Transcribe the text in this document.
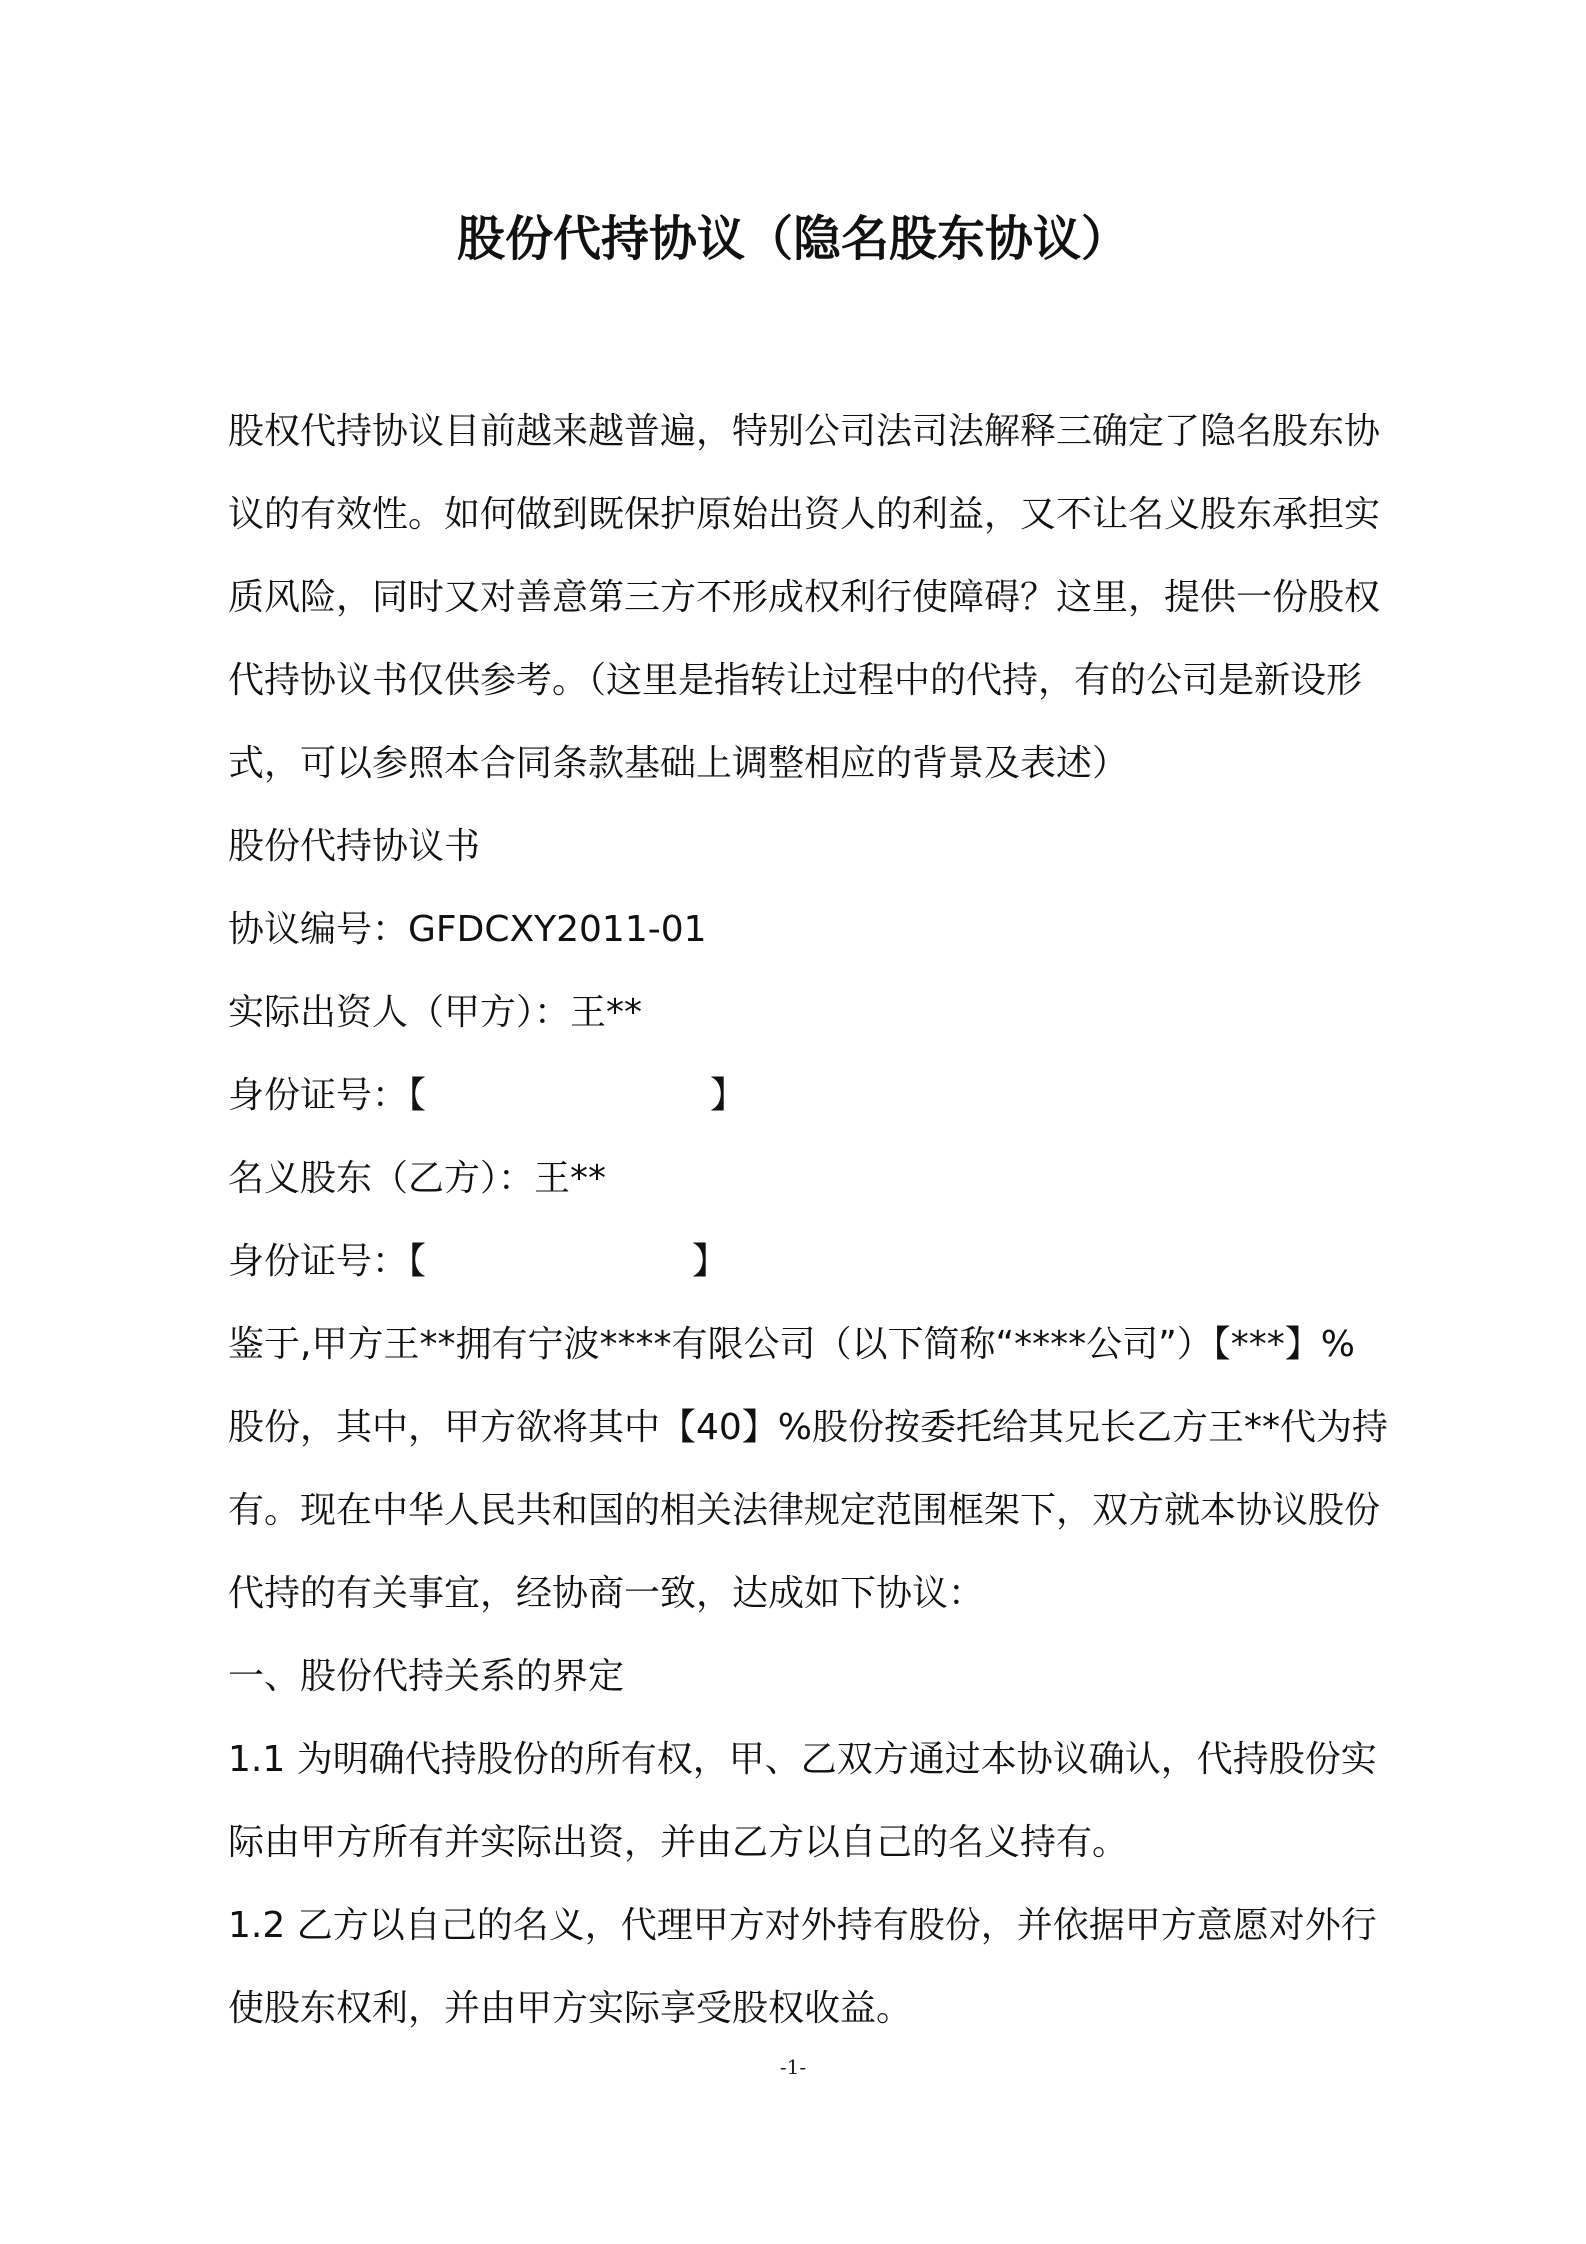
股份代持协议（隐名股东协议）
股权代持协议目前越来越普遍，特别公司法司法解释三确定了隐名股东协
议的有效性。如何做到既保护原始出资人的利益，又不让名义股东承担实
质风险，同时又对善意第三方不形成权利行使障碍？这里，提供一份股权
代持协议书仅供参考。（这里是指转让过程中的代持，有的公司是新设形
式，可以参照本合同条款基础上调整相应的背景及表述）
股份代持协议书
协议编号：GFDCXY2011-01
实际出资人（甲方）：王**
身份证号：【	】
名义股东（乙方）：王**
身份证号：【	】
鉴于,甲方王**拥有宁波****有限公司（以下简称“****公司”）【***】%
股份，其中，甲方欲将其中【40】%股份按委托给其兄长乙方王**代为持
有。现在中华人民共和国的相关法律规定范围框架下，双方就本协议股份
代持的有关事宜，经协商一致，达成如下协议：
一、股份代持关系的界定
1.1 为明确代持股份的所有权，甲、乙双方通过本协议确认，代持股份实
际由甲方所有并实际出资，并由乙方以自己的名义持有。
1.2 乙方以自己的名义，代理甲方对外持有股份，并依据甲方意愿对外行
使股东权利，并由甲方实际享受股权收益。
-1-
